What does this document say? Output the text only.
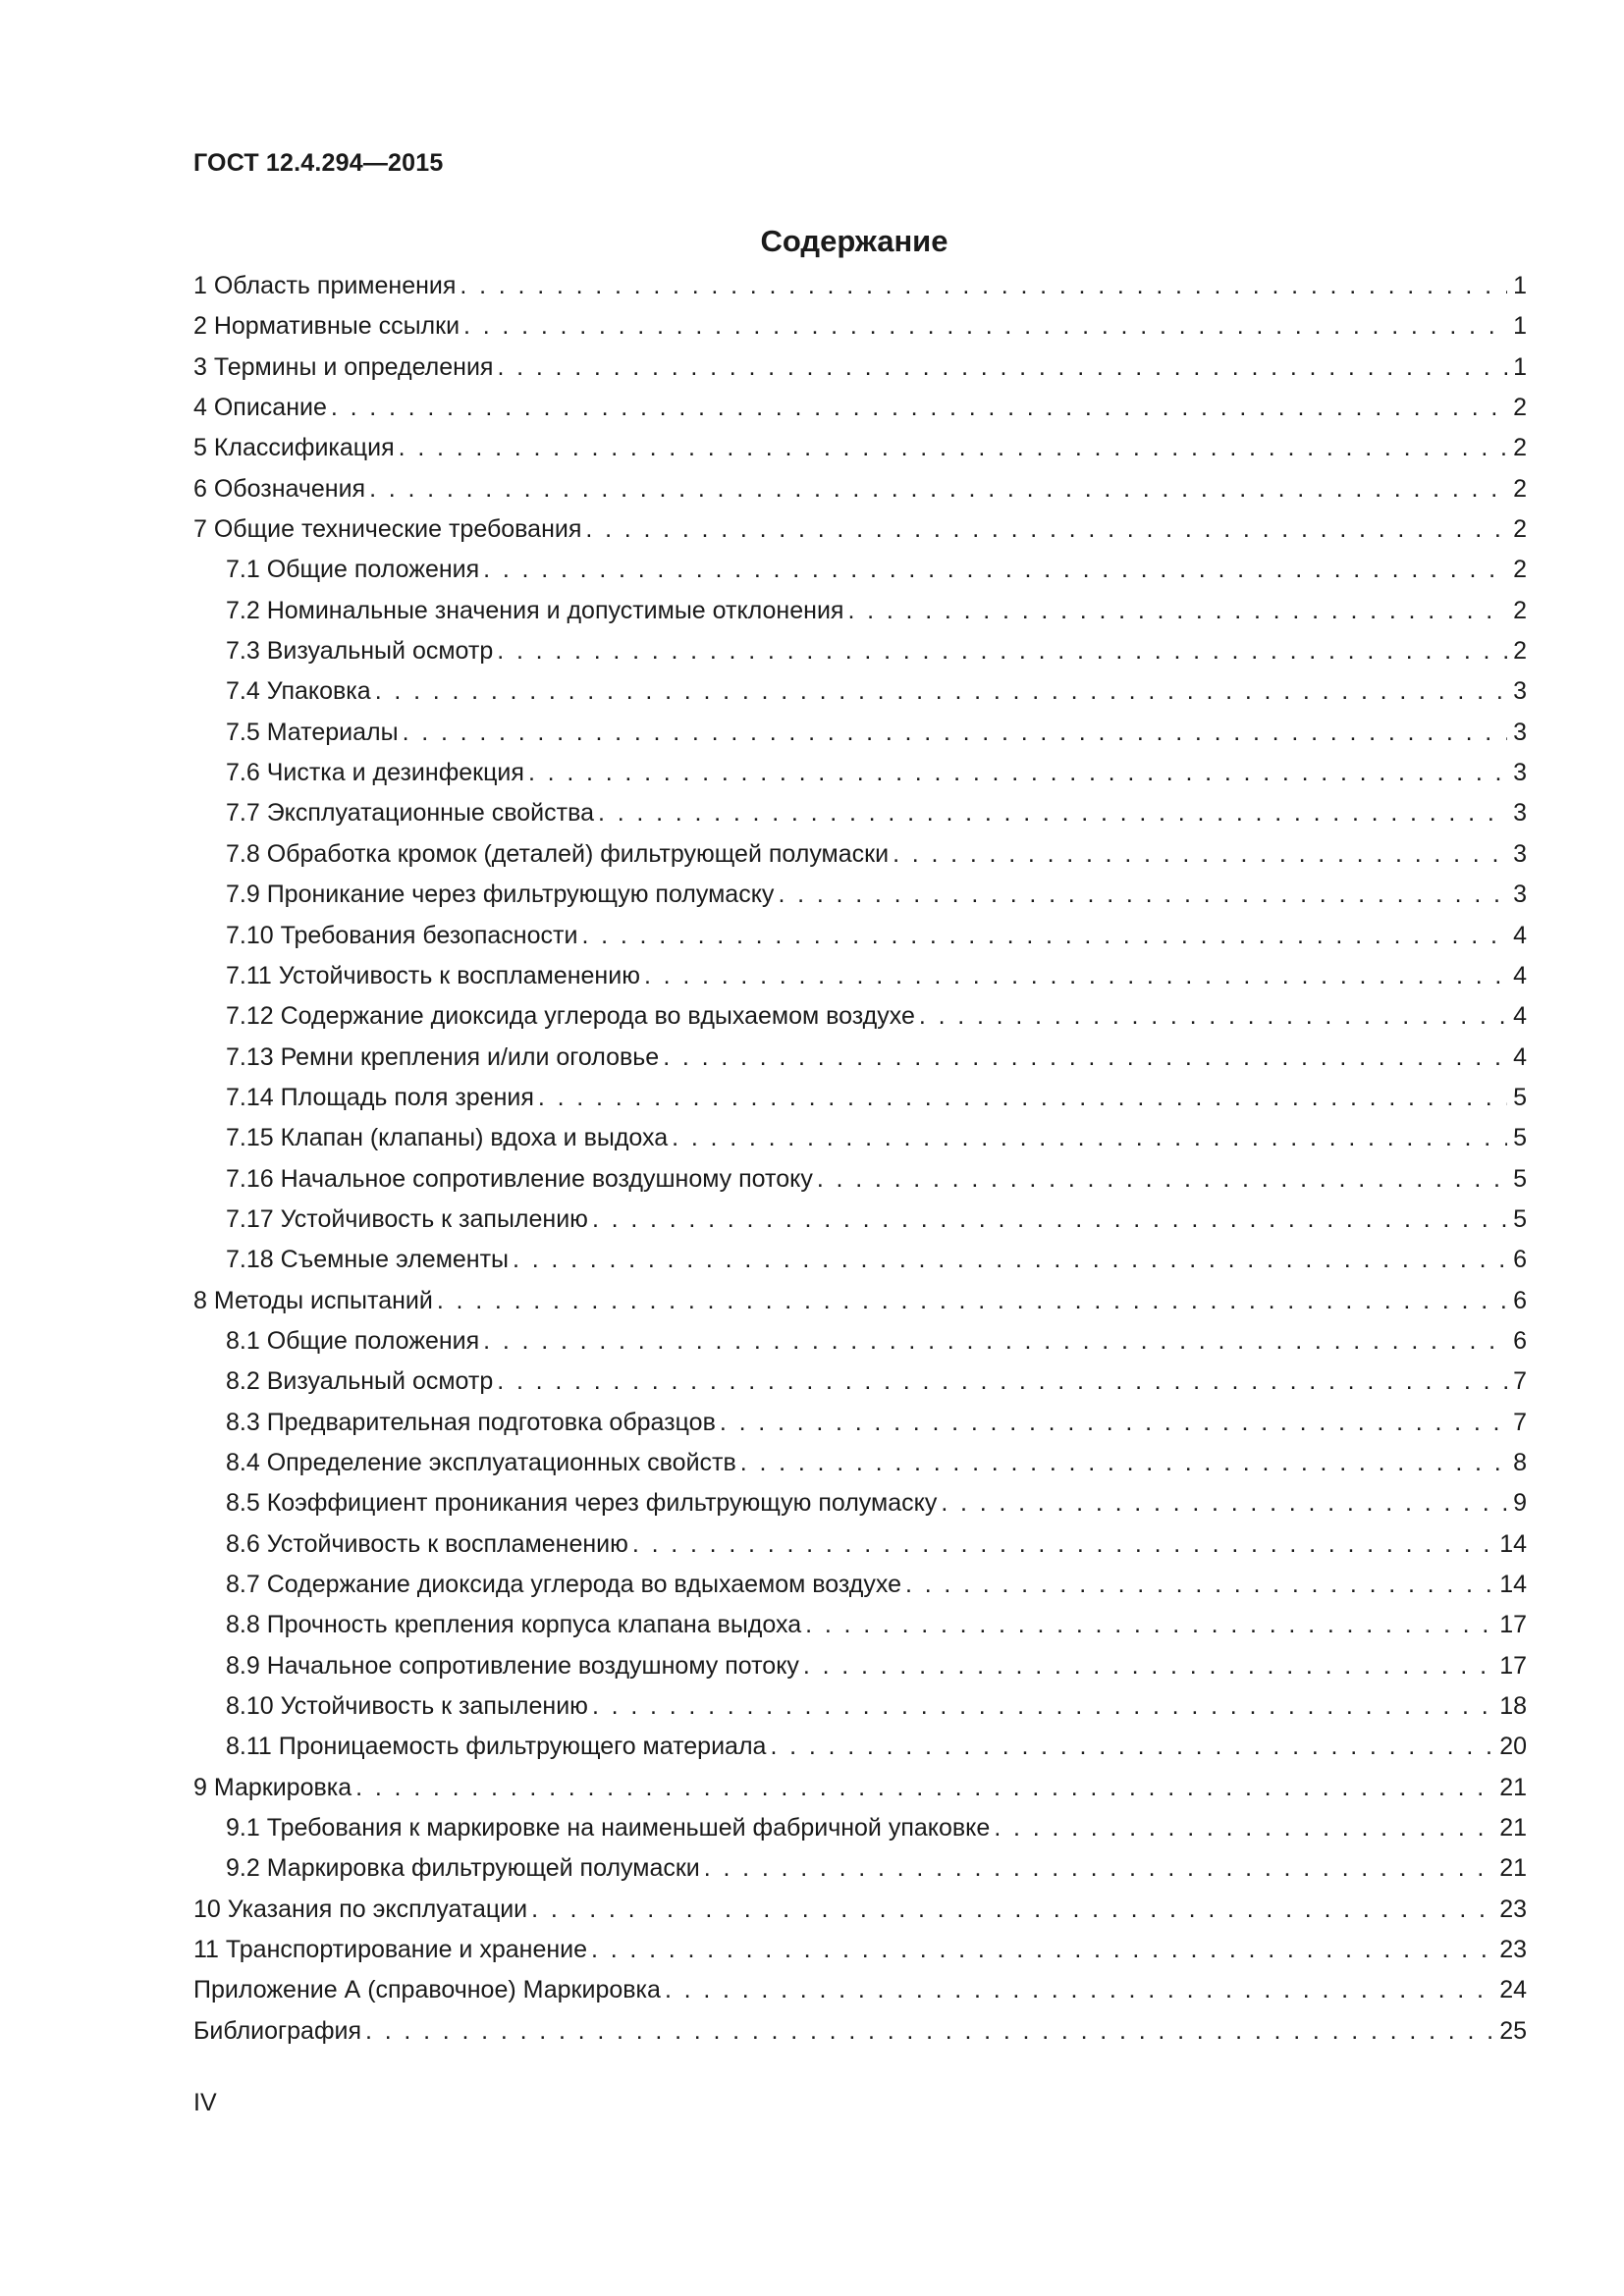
ГОСТ 12.4.294—2015
Содержание
1 Область применения . . .	1
2 Нормативные ссылки . . .	1
3 Термины и определения . . .	1
4 Описание . . .	2
5 Классификация . . .	2
6 Обозначения . . .	2
7 Общие технические требования . . .	2
7.1 Общие положения . . .	2
7.2 Номинальные значения и допустимые отклонения . . .	2
7.3 Визуальный осмотр . . .	2
7.4 Упаковка . . .	3
7.5 Материалы . . .	3
7.6 Чистка и дезинфекция . . .	3
7.7 Эксплуатационные свойства . . .	3
7.8 Обработка кромок (деталей) фильтрующей полумаски . . .	3
7.9 Проникание через фильтрующую полумаску . . .	3
7.10 Требования безопасности . . .	4
7.11 Устойчивость к воспламенению . . .	4
7.12 Содержание диоксида углерода во вдыхаемом воздухе . . .	4
7.13 Ремни крепления и/или оголовье . . .	4
7.14 Площадь поля зрения . . .	5
7.15 Клапан (клапаны) вдоха и выдоха . . .	5
7.16 Начальное сопротивление воздушному потоку . . .	5
7.17 Устойчивость к запылению . . .	5
7.18 Съемные элементы . . .	6
8 Методы испытаний . . .	6
8.1 Общие положения . . .	6
8.2 Визуальный осмотр . . .	7
8.3 Предварительная подготовка образцов . . .	7
8.4 Определение эксплуатационных свойств . . .	8
8.5 Коэффициент проникания через фильтрующую полумаску . . .	9
8.6 Устойчивость к воспламенению . . .	14
8.7 Содержание диоксида углерода во вдыхаемом воздухе . . .	14
8.8 Прочность крепления корпуса клапана выдоха . . .	17
8.9 Начальное сопротивление воздушному потоку . . .	17
8.10 Устойчивость к запылению . . .	18
8.11 Проницаемость фильтрующего материала . . .	20
9 Маркировка . . .	21
9.1 Требования к маркировке на наименьшей фабричной упаковке . . .	21
9.2 Маркировка фильтрующей полумаски . . .	21
10 Указания по эксплуатации . . .	23
11 Транспортирование и хранение . . .	23
Приложение А (справочное) Маркировка . . .	24
Библиография . . .	25
IV
